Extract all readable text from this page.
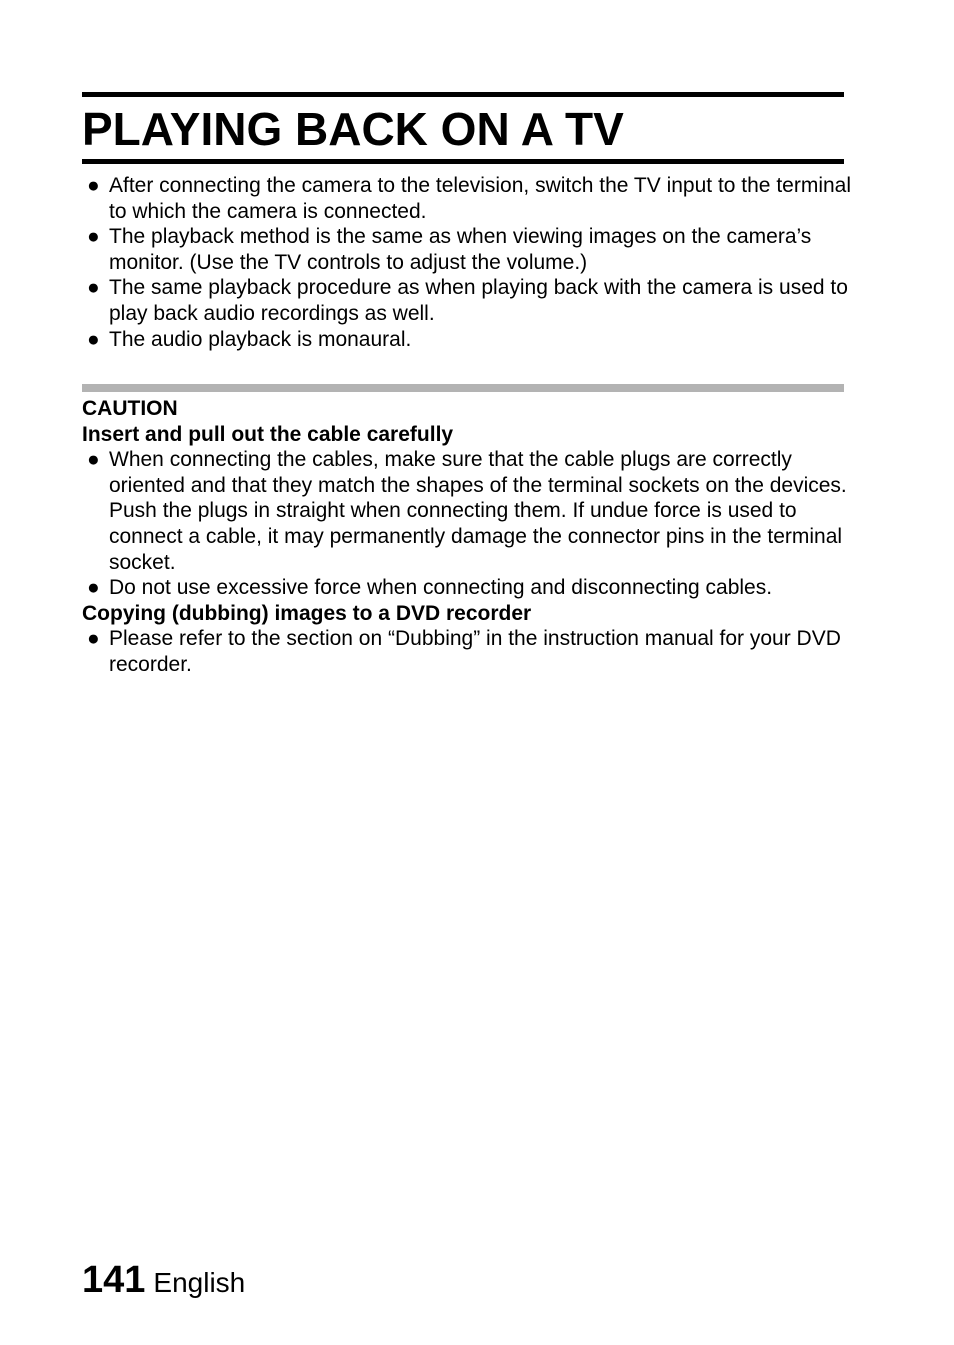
PLAYING BACK ON A TV
● After connecting the camera to the television, switch the TV input to the terminal to which the camera is connected.
● The playback method is the same as when viewing images on the camera’s monitor. (Use the TV controls to adjust the volume.)
● The same playback procedure as when playing back with the camera is used to play back audio recordings as well.
● The audio playback is monaural.

CAUTION

Insert and pull out the cable carefully

● When connecting the cables, make sure that the cable plugs are correctly oriented and that they match the shapes of the terminal sockets on the devices. Push the plugs in straight when connecting them. If undue force is used to connect a cable, it may permanently damage the connector pins in the terminal socket.
● Do not use excessive force when connecting and disconnecting cables.

Copying (dubbing) images to a DVD recorder

● Please refer to the section on “Dubbing” in the instruction manual for your DVD recorder.
141 English
